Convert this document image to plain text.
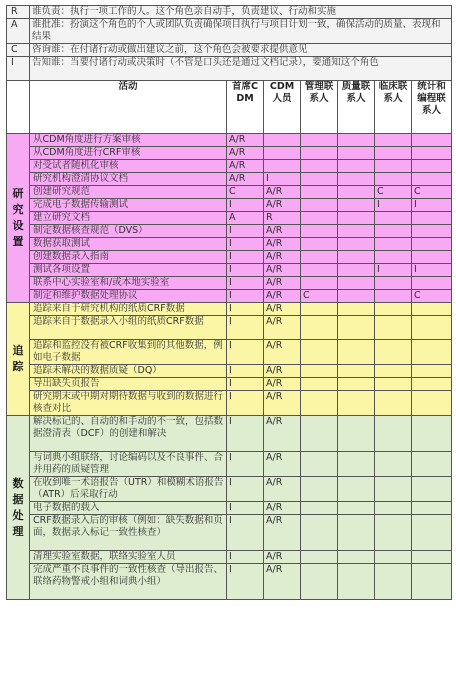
R	谁负责：执行一项工作的人。这个角色亲自动手，负责建议、行动和实施						
A	谁批准：扮演这个角色的个人或团队负责确保项目执行与项目计划一致，确保活动的质量、表现和结果						
C	咨询谁：在付诸行动或做出建议之前，这个角色会被要求提供意见						
I	告知谁：当要付诸行动或决策时（不管是口头还是通过文档记录），要通知这个角色						
	活动	首席CDM	CDM人员	管理联系人	质量联系人	临床联系人	统计和编程联系人

研
究
设
置	从CDM角度进行方案审核	A/R					
	从CDM角度进行CRF审核	A/R					
	对受试者随机化审核	A/R					
	研究机构澄清协议文档	A/R	I				
	创建研究规范	C	A/R			C	C
	完成电子数据传输测试	I	A/R			I	I
	建立研究文档	A	R				
	制定数据核查规范（DVS）	I	A/R				
	数据获取测试	I	A/R				
	创建数据录入指南	I	A/R				
	测试各项设置	I	A/R			I	I
	联系中心实验室和/或本地实验室	I	A/R				
	制定和维护数据处理协议	I	A/R	C			C

追
踪	追踪来自于研究机构的纸质CRF数据	I	A/R				
	追踪来自于数据录入小组的纸质CRF数据	I	A/R				
	追踪和监控没有被CRF收集到的其他数据，例如电子数据	I	A/R				
	追踪未解决的数据质疑（DQ）	I	A/R				
	导出缺失页报告	I	A/R				
	研究期末或中期对期待数据与收到的数据进行核查对比	I	A/R				

数
据
处
理	解决标记的、自动的和手动的不一致，包括数据澄清表（DCF）的创建和解决	I	A/R				
	与词典小组联络，讨论编码以及不良事件、合并用药的质疑管理	I	A/R				
	在收到唯一术语报告（UTR）和模糊术语报告（ATR）后采取行动	I	A/R				
	电子数据的载入	I	A/R				
	CRF数据录入后的审核（例如：缺失数据和页面，数据录入标记一致性核查）	I	A/R				
	清理实验室数据，联络实验室人员	I	A/R				
	完成严重不良事件的一致性核查（导出报告、联络药物警戒小组和词典小组）	I	A/R				
